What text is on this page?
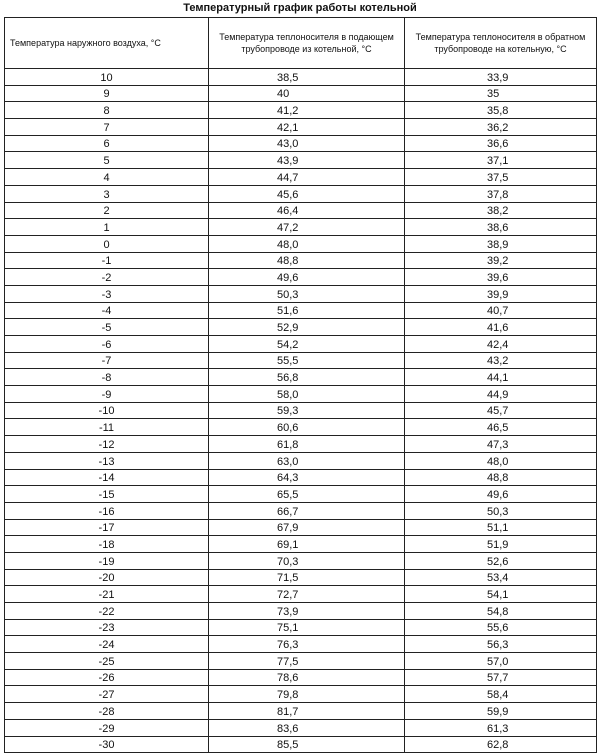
Температурный график работы котельной
Температура наружного воздуха, °С	Температура теплоносителя в подающем трубопроводе из котельной, °С	Температура теплоносителя в обратном трубопроводе на котельную, °С
10	38,5	33,9
9	40	35
8	41,2	35,8
7	42,1	36,2
6	43,0	36,6
5	43,9	37,1
4	44,7	37,5
3	45,6	37,8
2	46,4	38,2
1	47,2	38,6
0	48,0	38,9
-1	48,8	39,2
-2	49,6	39,6
-3	50,3	39,9
-4	51,6	40,7
-5	52,9	41,6
-6	54,2	42,4
-7	55,5	43,2
-8	56,8	44,1
-9	58,0	44,9
-10	59,3	45,7
-11	60,6	46,5
-12	61,8	47,3
-13	63,0	48,0
-14	64,3	48,8
-15	65,5	49,6
-16	66,7	50,3
-17	67,9	51,1
-18	69,1	51,9
-19	70,3	52,6
-20	71,5	53,4
-21	72,7	54,1
-22	73,9	54,8
-23	75,1	55,6
-24	76,3	56,3
-25	77,5	57,0
-26	78,6	57,7
-27	79,8	58,4
-28	81,7	59,9
-29	83,6	61,3
-30	85,5	62,8
